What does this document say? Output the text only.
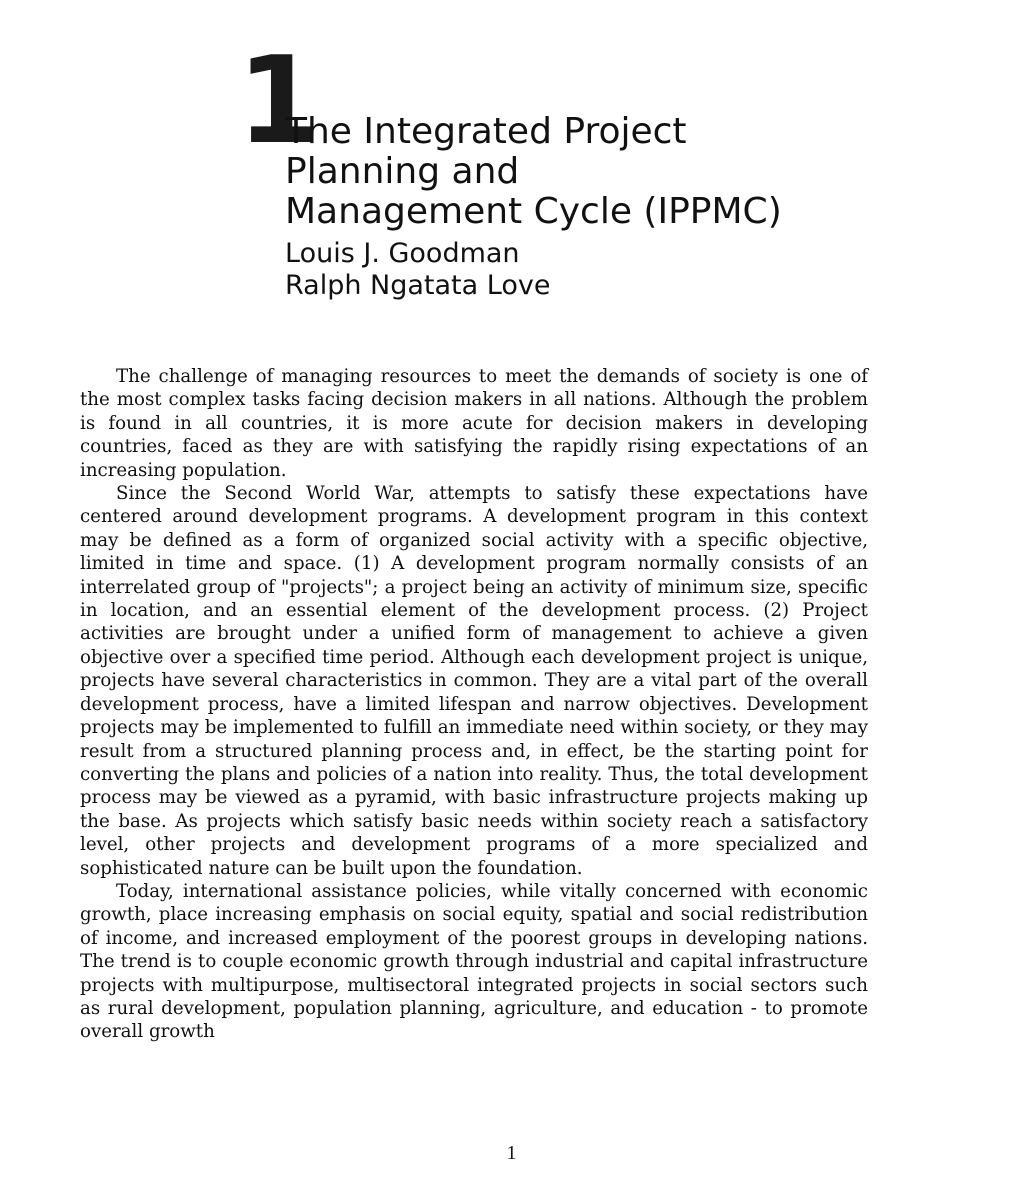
1
The Integrated Project
Planning and
Management Cycle (IPPMC)
Louis J. Goodman
Ralph Ngatata Love

The challenge of managing resources to meet the demands of society is one of the most complex tasks facing decision makers in all nations. Although the problem is found in all countries, it is more acute for decision makers in developing countries, faced as they are with satisfying the rapidly rising expectations of an increasing population.

Since the Second World War, attempts to satisfy these expectations have centered around development programs. A development program in this context may be defined as a form of organized social activity with a specific objective, limited in time and space. (1) A development program normally consists of an interrelated group of "projects"; a project being an activity of minimum size, specific in location, and an essential element of the development process. (2) Project activities are brought under a unified form of management to achieve a given objective over a specified time period. Although each development project is unique, projects have several characteristics in common. They are a vital part of the overall development process, have a limited lifespan and narrow objectives. Development projects may be implemented to fulfill an immediate need within society, or they may result from a structured planning process and, in effect, be the starting point for converting the plans and policies of a nation into reality. Thus, the total development process may be viewed as a pyramid, with basic infrastructure projects making up the base. As projects which satisfy basic needs within society reach a satisfactory level, other projects and development programs of a more specialized and sophisticated nature can be built upon the foundation.

Today, international assistance policies, while vitally concerned with economic growth, place increasing emphasis on social equity, spatial and social redistribution of income, and increased employment of the poorest groups in developing nations. The trend is to couple economic growth through industrial and capital infrastructure projects with multipurpose, multisectoral integrated projects in social sectors such as rural development, population planning, agriculture, and education - to promote overall growth

1
